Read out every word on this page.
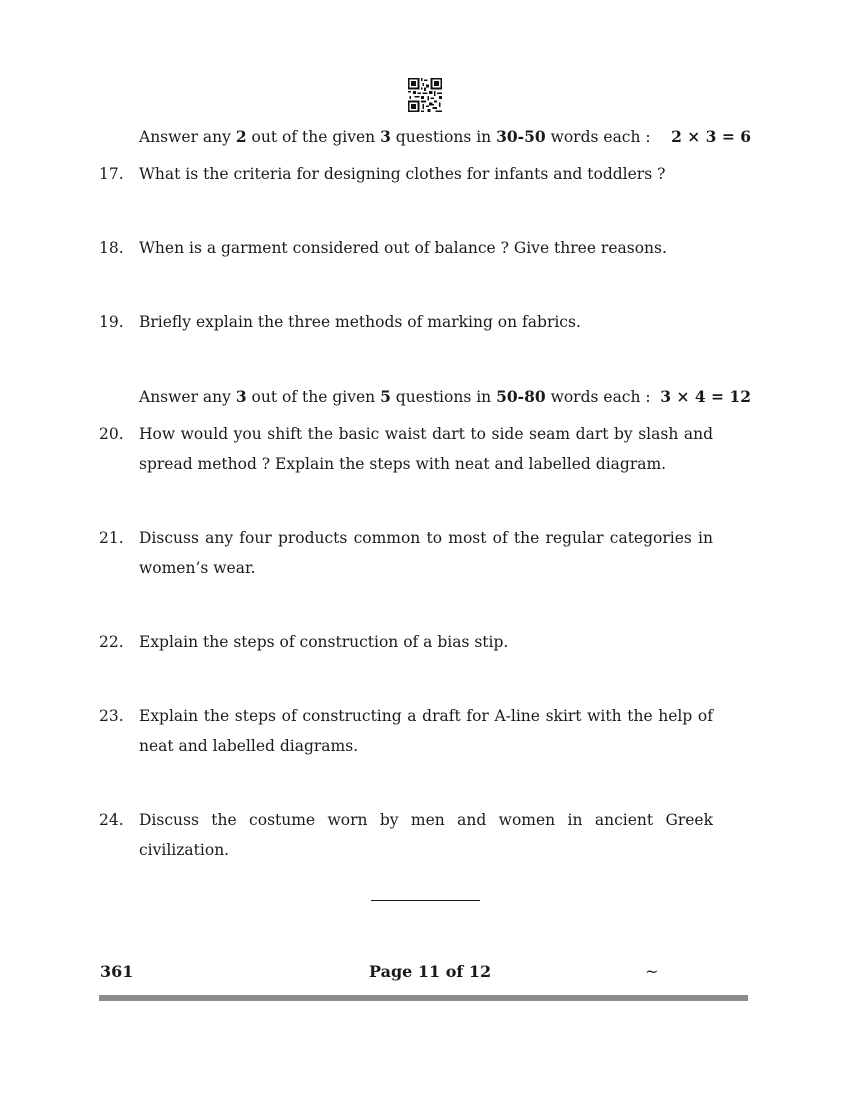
Answer any 2 out of the given 3 questions in 30-50 words each : 2 × 3 = 6
17. What is the criteria for designing clothes for infants and toddlers ?
18. When is a garment considered out of balance ? Give three reasons.
19. Briefly explain the three methods of marking on fabrics.
Answer any 3 out of the given 5 questions in 50-80 words each : 3 × 4 = 12
20. How would you shift the basic waist dart to side seam dart by slash and spread method ? Explain the steps with neat and labelled diagram.
21. Discuss any four products common to most of the regular categories in women’s wear.
22. Explain the steps of construction of a bias stip.
23. Explain the steps of constructing a draft for A-line skirt with the help of neat and labelled diagrams.
24. Discuss the costume worn by men and women in ancient Greek civilization.
361	Page 11 of 12	~
